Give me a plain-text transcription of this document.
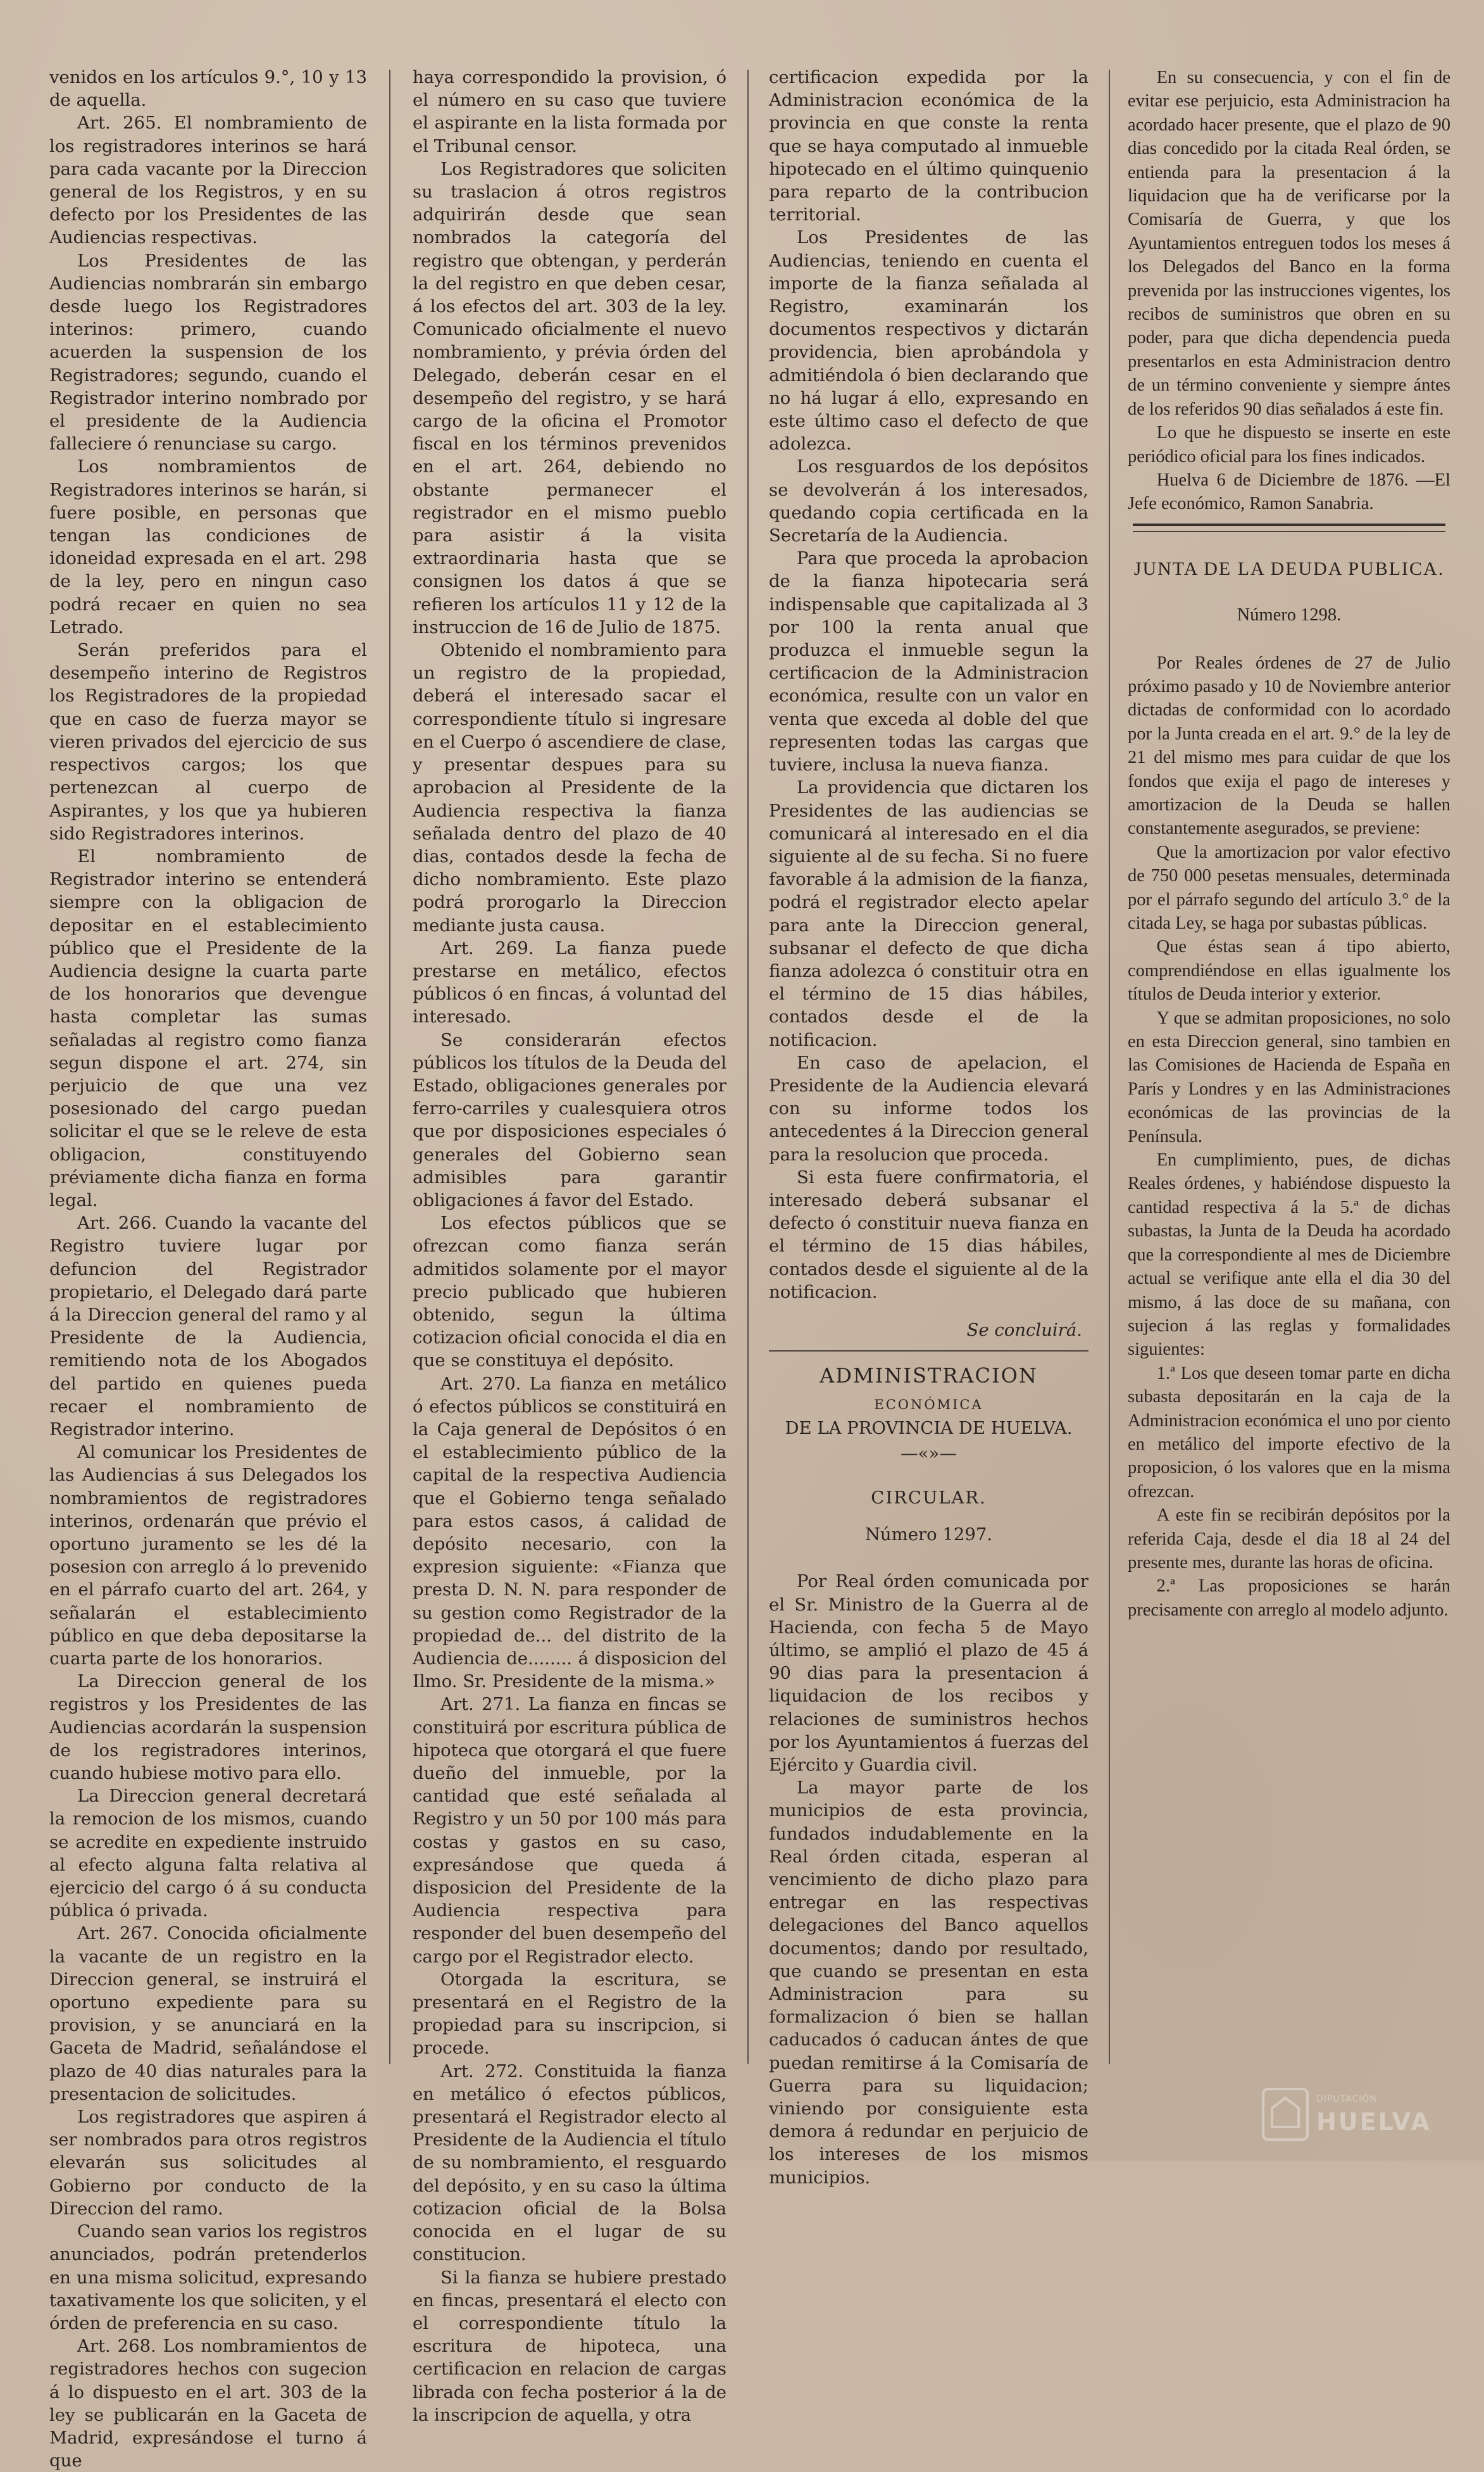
venidos en los artículos 9.°, 10 y 13 de aquella.

Art. 265. El nombramiento de los registradores interinos se hará para cada vacante por la Direccion general de los Registros, y en su defecto por los Presidentes de las Audiencias respectivas.

Los Presidentes de las Audiencias nombrarán sin embargo desde luego los Registradores interinos: primero, cuando acuerden la suspension de los Registradores; segundo, cuando el Registrador interino nombrado por el presidente de la Audiencia falleciere ó renunciase su cargo.

Los nombramientos de Registradores interinos se harán, si fuere posible, en personas que tengan las condiciones de idoneidad expresada en el art. 298 de la ley, pero en ningun caso podrá recaer en quien no sea Letrado.

Serán preferidos para el desempeño interino de Registros los Registradores de la propiedad que en caso de fuerza mayor se vieren privados del ejercicio de sus respectivos cargos; los que pertenezcan al cuerpo de Aspirantes, y los que ya hubieren sido Registradores interinos.

El nombramiento de Registrador interino se entenderá siempre con la obligacion de depositar en el establecimiento público que el Presidente de la Audiencia designe la cuarta parte de los honorarios que devengue hasta completar las sumas señaladas al registro como fianza segun dispone el art. 274, sin perjuicio de que una vez posesionado del cargo puedan solicitar el que se le releve de esta obligacion, constituyendo préviamente dicha fianza en forma legal.

Art. 266. Cuando la vacante del Registro tuviere lugar por defuncion del Registrador propietario, el Delegado dará parte á la Direccion general del ramo y al Presidente de la Audiencia, remitiendo nota de los Abogados del partido en quienes pueda recaer el nombramiento de Registrador interino.

Al comunicar los Presidentes de las Audiencias á sus Delegados los nombramientos de registradores interinos, ordenarán que prévio el oportuno juramento se les dé la posesion con arreglo á lo prevenido en el párrafo cuarto del art. 264, y señalarán el establecimiento público en que deba depositarse la cuarta parte de los honorarios.

La Direccion general de los registros y los Presidentes de las Audiencias acordarán la suspension de los registradores interinos, cuando hubiese motivo para ello.

La Direccion general decretará la remocion de los mismos, cuando se acredite en expediente instruido al efecto alguna falta relativa al ejercicio del cargo ó á su conducta pública ó privada.

Art. 267. Conocida oficialmente la vacante de un registro en la Direccion general, se instruirá el oportuno expediente para su provision, y se anunciará en la Gaceta de Madrid, señalándose el plazo de 40 dias naturales para la presentacion de solicitudes.

Los registradores que aspiren á ser nombrados para otros registros elevarán sus solicitudes al Gobierno por conducto de la Direccion del ramo.

Cuando sean varios los registros anunciados, podrán pretenderlos en una misma solicitud, expresando taxativamente los que soliciten, y el órden de preferencia en su caso.

Art. 268. Los nombramientos de registradores hechos con sugecion á lo dispuesto en el art. 303 de la ley se publicarán en la Gaceta de Madrid, expresándose el turno á que

haya correspondido la provision, ó el número en su caso que tuviere el aspirante en la lista formada por el Tribunal censor.

Los Registradores que soliciten su traslacion á otros registros adquirirán desde que sean nombrados la categoría del registro que obtengan, y perderán la del registro en que deben cesar, á los efectos del art. 303 de la ley. Comunicado oficialmente el nuevo nombramiento, y prévia órden del Delegado, deberán cesar en el desempeño del registro, y se hará cargo de la oficina el Promotor fiscal en los términos prevenidos en el art. 264, debiendo no obstante permanecer el registrador en el mismo pueblo para asistir á la visita extraordinaria hasta que se consignen los datos á que se refieren los artículos 11 y 12 de la instruccion de 16 de Julio de 1875.

Obtenido el nombramiento para un registro de la propiedad, deberá el interesado sacar el correspondiente título si ingresare en el Cuerpo ó ascendiere de clase, y presentar despues para su aprobacion al Presidente de la Audiencia respectiva la fianza señalada dentro del plazo de 40 dias, contados desde la fecha de dicho nombramiento. Este plazo podrá prorogarlo la Direccion mediante justa causa.

Art. 269. La fianza puede prestarse en metálico, efectos públicos ó en fincas, á voluntad del interesado.

Se considerarán efectos públicos los títulos de la Deuda del Estado, obligaciones generales por ferro-carriles y cualesquiera otros que por disposiciones especiales ó generales del Gobierno sean admisibles para garantir obligaciones á favor del Estado.

Los efectos públicos que se ofrezcan como fianza serán admitidos solamente por el mayor precio publicado que hubieren obtenido, segun la última cotizacion oficial conocida el dia en que se constituya el depósito.

Art. 270. La fianza en metálico ó efectos públicos se constituirá en la Caja general de Depósitos ó en el establecimiento público de la capital de la respectiva Audiencia que el Gobierno tenga señalado para estos casos, á calidad de depósito necesario, con la expresion siguiente: «Fianza que presta D. N. N. para responder de su gestion como Registrador de la propiedad de... del distrito de la Audiencia de........ á disposicion del Ilmo. Sr. Presidente de la misma.»

Art. 271. La fianza en fincas se constituirá por escritura pública de hipoteca que otorgará el que fuere dueño del inmueble, por la cantidad que esté señalada al Registro y un 50 por 100 más para costas y gastos en su caso, expresándose que queda á disposicion del Presidente de la Audiencia respectiva para responder del buen desempeño del cargo por el Registrador electo.

Otorgada la escritura, se presentará en el Registro de la propiedad para su inscripcion, si procede.

Art. 272. Constituida la fianza en metálico ó efectos públicos, presentará el Registrador electo al Presidente de la Audiencia el título de su nombramiento, el resguardo del depósito, y en su caso la última cotizacion oficial de la Bolsa conocida en el lugar de su constitucion.

Si la fianza se hubiere prestado en fincas, presentará el electo con el correspondiente título la escritura de hipoteca, una certificacion en relacion de cargas librada con fecha posterior á la de la inscripcion de aquella, y otra

certificacion expedida por la Administracion económica de la provincia en que conste la renta que se haya computado al inmueble hipotecado en el último quinquenio para reparto de la contribucion territorial.

Los Presidentes de las Audiencias, teniendo en cuenta el importe de la fianza señalada al Registro, examinarán los documentos respectivos y dictarán providencia, bien aprobándola y admitiéndola ó bien declarando que no há lugar á ello, expresando en este último caso el defecto de que adolezca.

Los resguardos de los depósitos se devolverán á los interesados, quedando copia certificada en la Secretaría de la Audiencia.

Para que proceda la aprobacion de la fianza hipotecaria será indispensable que capitalizada al 3 por 100 la renta anual que produzca el inmueble segun la certificacion de la Administracion económica, resulte con un valor en venta que exceda al doble del que representen todas las cargas que tuviere, inclusa la nueva fianza.

La providencia que dictaren los Presidentes de las audiencias se comunicará al interesado en el dia siguiente al de su fecha. Si no fuere favorable á la admision de la fianza, podrá el registrador electo apelar para ante la Direccion general, subsanar el defecto de que dicha fianza adolezca ó constituir otra en el término de 15 dias hábiles, contados desde el de la notificacion.

En caso de apelacion, el Presidente de la Audiencia elevará con su informe todos los antecedentes á la Direccion general para la resolucion que proceda.

Si esta fuere confirmatoria, el interesado deberá subsanar el defecto ó constituir nueva fianza en el término de 15 dias hábiles, contados desde el siguiente al de la notificacion.

Se concluirá.

ADMINISTRACION

ECONÓMICA

DE LA PROVINCIA DE HUELVA.

—«»—

CIRCULAR.

Número 1297.

Por Real órden comunicada por el Sr. Ministro de la Guerra al de Hacienda, con fecha 5 de Mayo último, se amplió el plazo de 45 á 90 dias para la presentacion á liquidacion de los recibos y relaciones de suministros hechos por los Ayuntamientos á fuerzas del Ejército y Guardia civil.

La mayor parte de los municipios de esta provincia, fundados indudablemente en la Real órden citada, esperan al vencimiento de dicho plazo para entregar en las respectivas delegaciones del Banco aquellos documentos; dando por resultado, que cuando se presentan en esta Administracion para su formalizacion ó bien se hallan caducados ó caducan ántes de que puedan remitirse á la Comisaría de Guerra para su liquidacion; viniendo por consiguiente esta demora á redundar en perjuicio de los intereses de los mismos municipios.

En su consecuencia, y con el fin de evitar ese perjuicio, esta Administracion ha acordado hacer presente, que el plazo de 90 dias concedido por la citada Real órden, se entienda para la presentacion á la liquidacion que ha de verificarse por la Comisaría de Guerra, y que los Ayuntamientos entreguen todos los meses á los Delegados del Banco en la forma prevenida por las instrucciones vigentes, los recibos de suministros que obren en su poder, para que dicha dependencia pueda presentarlos en esta Administracion dentro de un término conveniente y siempre ántes de los referidos 90 dias señalados á este fin.

Lo que he dispuesto se inserte en este periódico oficial para los fines indicados.

Huelva 6 de Diciembre de 1876. —El Jefe económico, Ramon Sanabria.

JUNTA DE LA DEUDA PUBLICA.

Número 1298.

Por Reales órdenes de 27 de Julio próximo pasado y 10 de Noviembre anterior dictadas de conformidad con lo acordado por la Junta creada en el art. 9.° de la ley de 21 del mismo mes para cuidar de que los fondos que exija el pago de intereses y amortizacion de la Deuda se hallen constantemente asegurados, se previene:

Que la amortizacion por valor efectivo de 750 000 pesetas mensuales, determinada por el párrafo segundo del artículo 3.° de la citada Ley, se haga por subastas públicas.

Que éstas sean á tipo abierto, comprendiéndose en ellas igualmente los títulos de Deuda interior y exterior.

Y que se admitan proposiciones, no solo en esta Direccion general, sino tambien en las Comisiones de Hacienda de España en París y Londres y en las Administraciones económicas de las provincias de la Península.

En cumplimiento, pues, de dichas Reales órdenes, y habiéndose dispuesto la cantidad respectiva á la 5.ª de dichas subastas, la Junta de la Deuda ha acordado que la correspondiente al mes de Diciembre actual se verifique ante ella el dia 30 del mismo, á las doce de su mañana, con sujecion á las reglas y formalidades siguientes:

1.ª Los que deseen tomar parte en dicha subasta depositarán en la caja de la Administracion económica el uno por ciento en metálico del importe efectivo de la proposicion, ó los valores que en la misma ofrezcan.

A este fin se recibirán depósitos por la referida Caja, desde el dia 18 al 24 del presente mes, durante las horas de oficina.

2.ª Las proposiciones se harán precisamente con arreglo al modelo adjunto.

DIPUTACIÓN
HUELVA
